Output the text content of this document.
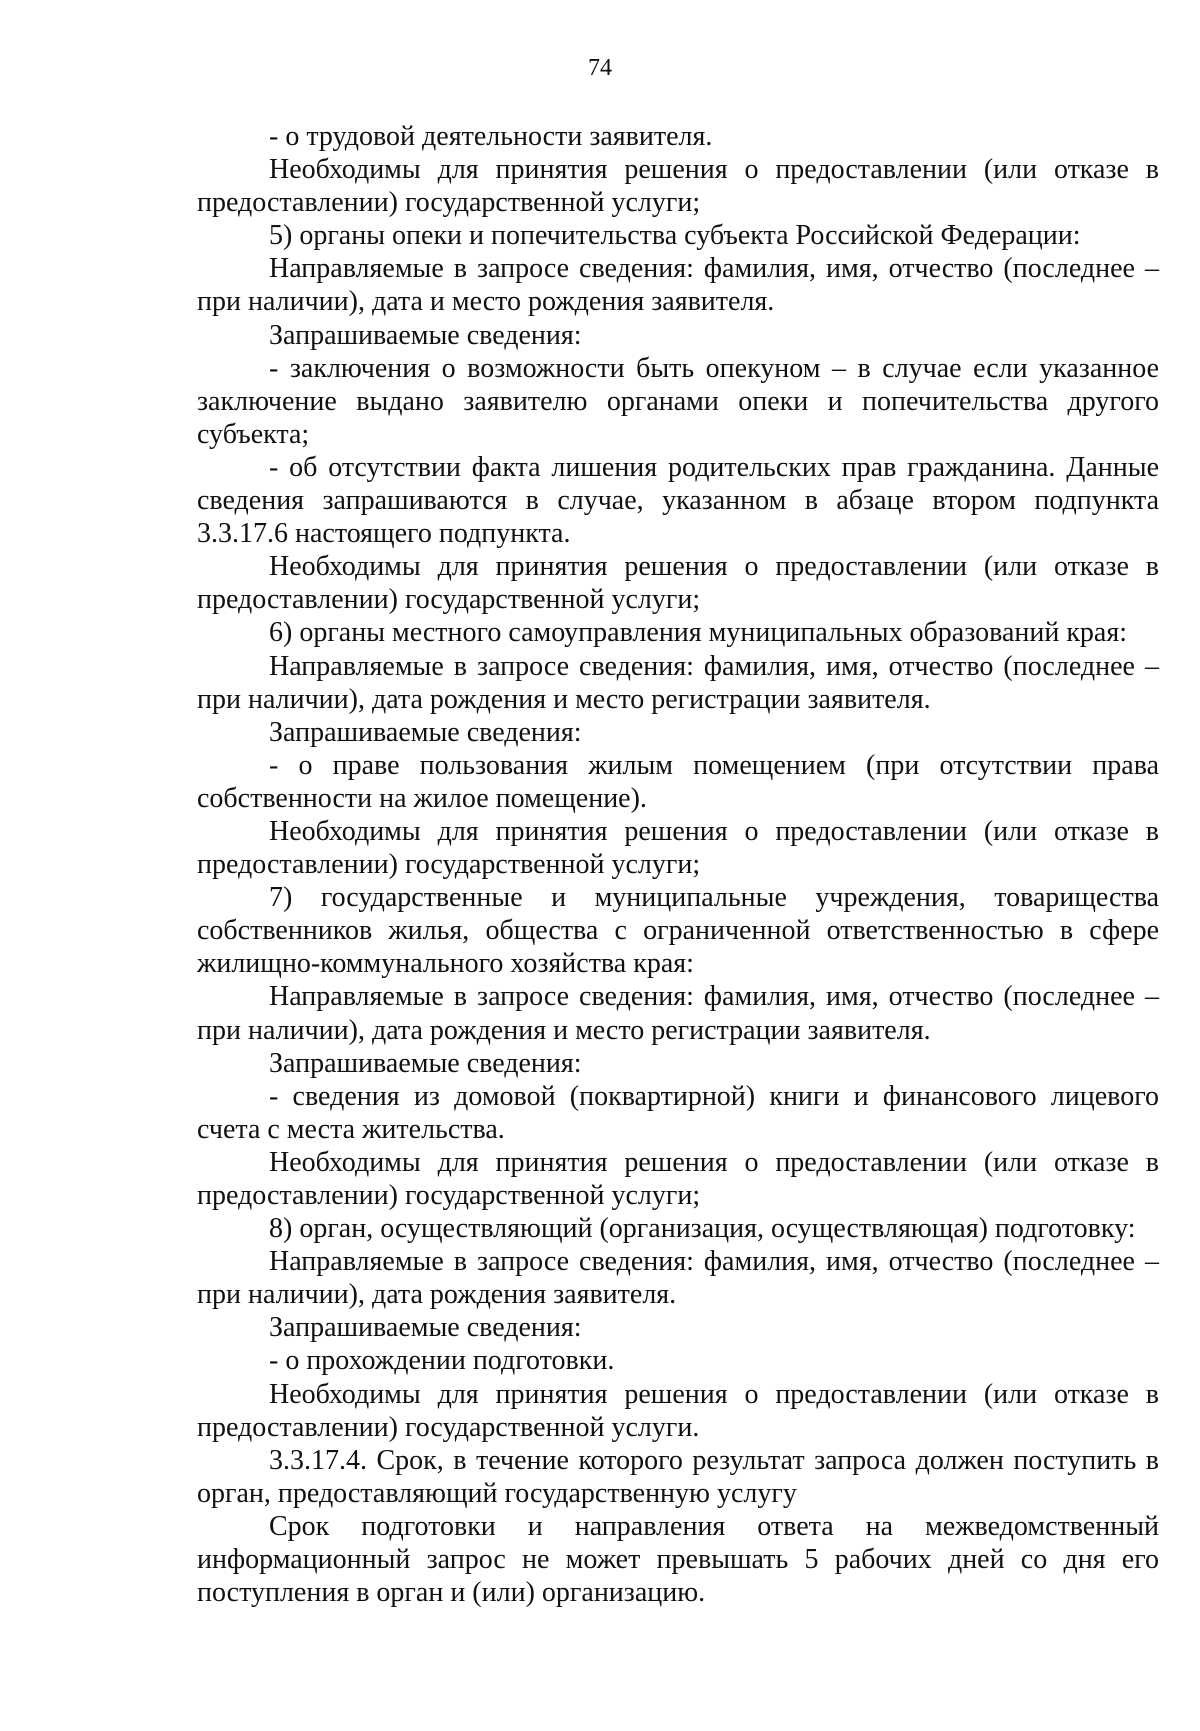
74

- о трудовой деятельности заявителя.

Необходимы для принятия решения о предоставлении (или отказе в предоставлении) государственной услуги;

5) органы опеки и попечительства субъекта Российской Федерации:

Направляемые в запросе сведения: фамилия, имя, отчество (последнее – при наличии), дата и место рождения заявителя.

Запрашиваемые сведения:

- заключения о возможности быть опекуном – в случае если указанное заключение выдано заявителю органами опеки и попечительства другого субъекта;

- об отсутствии факта лишения родительских прав гражданина. Данные сведения запрашиваются в случае, указанном в абзаце втором подпункта 3.3.17.6 настоящего подпункта.

Необходимы для принятия решения о предоставлении (или отказе в предоставлении) государственной услуги;

6) органы местного самоуправления муниципальных образований края:

Направляемые в запросе сведения: фамилия, имя, отчество (последнее – при наличии), дата рождения и место регистрации заявителя.

Запрашиваемые сведения:

- о праве пользования жилым помещением (при отсутствии права собственности на жилое помещение).

Необходимы для принятия решения о предоставлении (или отказе в предоставлении) государственной услуги;

7) государственные и муниципальные учреждения, товарищества собственников жилья, общества с ограниченной ответственностью в сфере жилищно-коммунального хозяйства края:

Направляемые в запросе сведения: фамилия, имя, отчество (последнее – при наличии), дата рождения и место регистрации заявителя.

Запрашиваемые сведения:

- сведения из домовой (поквартирной) книги и финансового лицевого счета с места жительства.

Необходимы для принятия решения о предоставлении (или отказе в предоставлении) государственной услуги;

8) орган, осуществляющий (организация, осуществляющая) подготовку:

Направляемые в запросе сведения: фамилия, имя, отчество (последнее – при наличии), дата рождения заявителя.

Запрашиваемые сведения:

- о прохождении подготовки.

Необходимы для принятия решения о предоставлении (или отказе в предоставлении) государственной услуги.

3.3.17.4. Срок, в течение которого результат запроса должен поступить в орган, предоставляющий государственную услугу

Срок подготовки и направления ответа на межведомственный информационный запрос не может превышать 5 рабочих дней со дня его поступления в орган и (или) организацию.
